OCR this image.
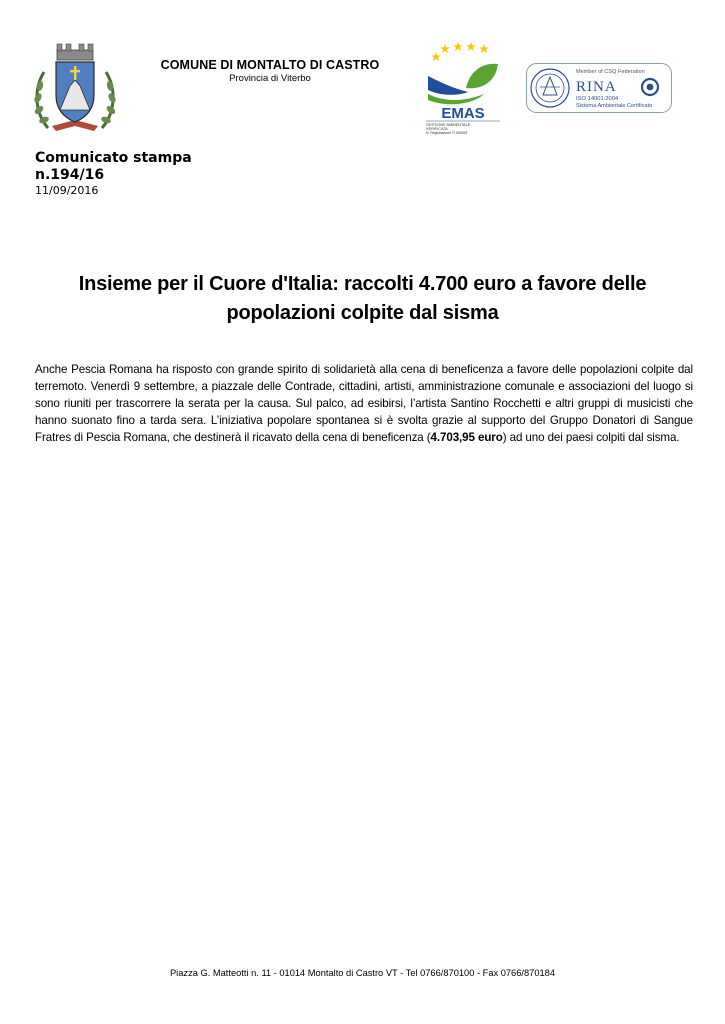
COMUNE DI MONTALTO DI CASTRO
Provincia di Viterbo
EMAS
GESTIONE AMBIENTALE
VERIFICATA
N. Registrazione IT-000933
Member of CSQ Federation
RINA
ISO 14001:2004
Sistema Ambientale Certificato
Comunicato stampa
n.194/16
11/09/2016
Insieme per il Cuore d'Italia: raccolti 4.700 euro a favore delle
popolazioni colpite dal sisma
Anche Pescia Romana ha risposto con grande spirito di solidarietà alla cena di beneficenza a favore delle popolazioni colpite dal terremoto. Venerdì 9 settembre, a piazzale delle Contrade, cittadini, artisti, amministrazione comunale e associazioni del luogo si sono riuniti per trascorrere la serata per la causa. Sul palco, ad esibirsi, l’artista Santino Rocchetti e altri gruppi di musicisti che hanno suonato fino a tarda sera. L’iniziativa popolare spontanea si è svolta grazie al supporto del Gruppo Donatori di Sangue Fratres di Pescia Romana, che destinerà il ricavato della cena di beneficenza (4.703,95 euro) ad uno dei paesi colpiti dal sisma.
Piazza G. Matteotti n. 11 - 01014 Montalto di Castro VT - Tel 0766/870100 - Fax 0766/870184
